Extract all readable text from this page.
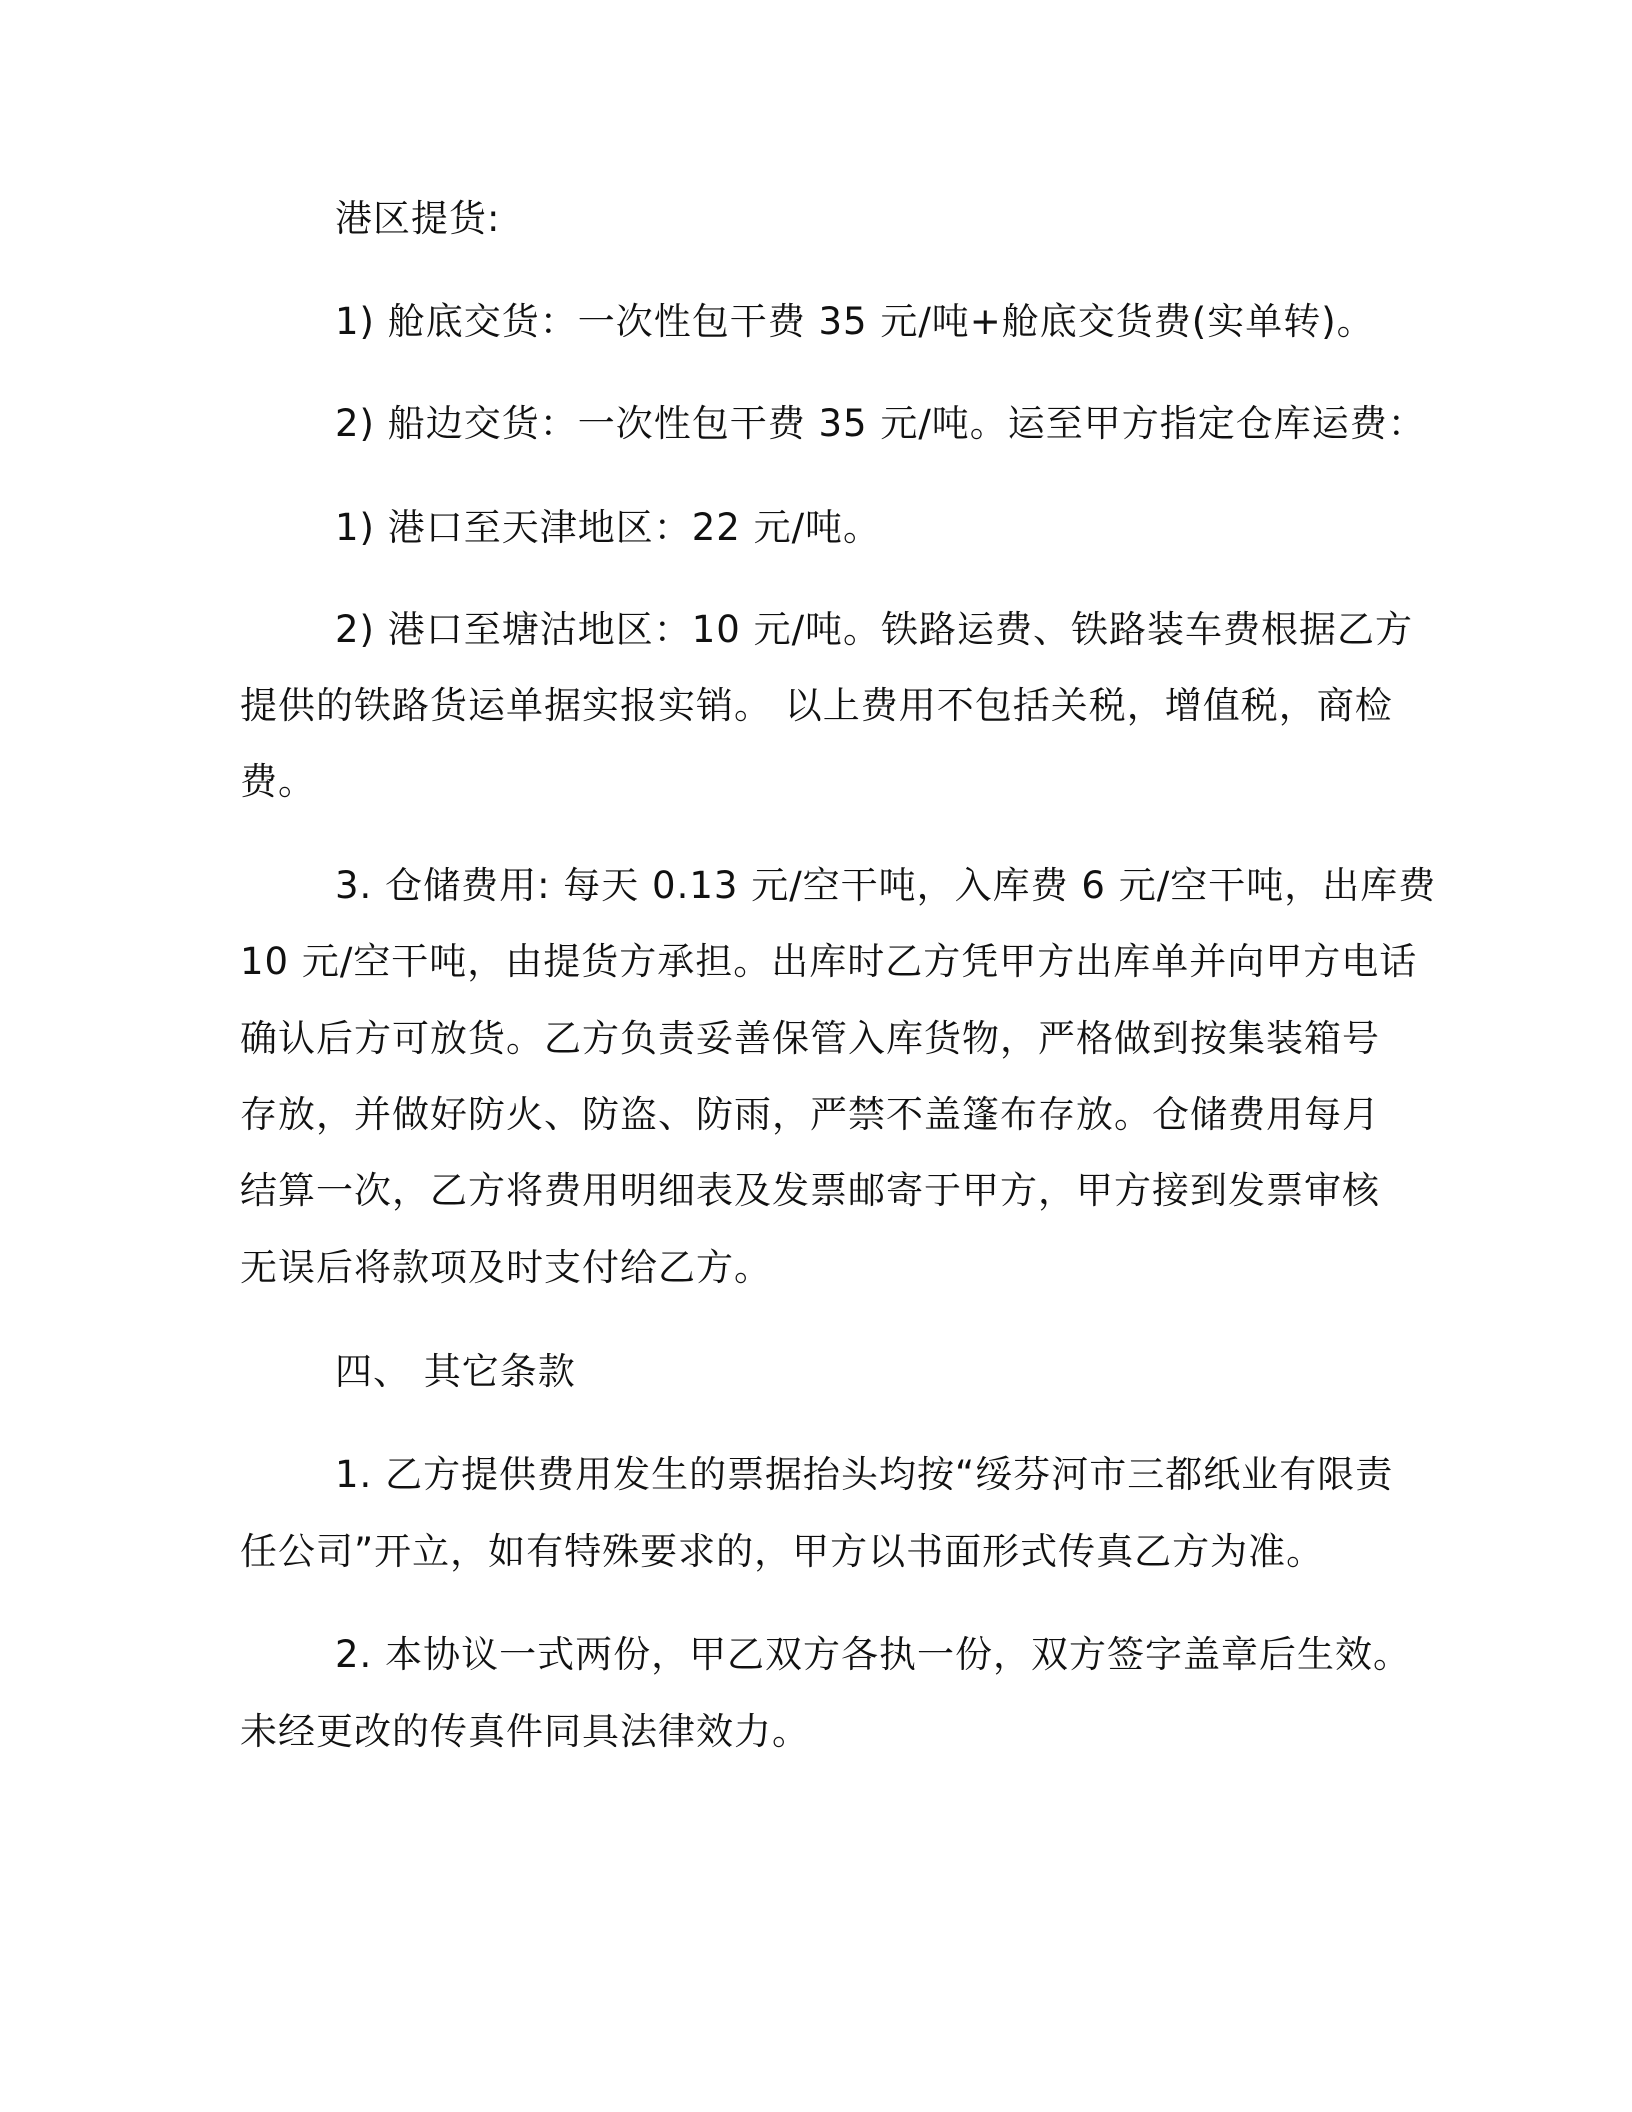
港区提货:
1) 舱底交货：一次性包干费 35 元/吨+舱底交货费(实单转)。
2) 船边交货：一次性包干费 35 元/吨。运至甲方指定仓库运费：
1) 港口至天津地区：22 元/吨。
2) 港口至塘沽地区：10 元/吨。铁路运费、铁路装车费根据乙方
提供的铁路货运单据实报实销。 以上费用不包括关税，增值税，商检
费。
3. 仓储费用: 每天 0.13 元/空干吨，入库费 6 元/空干吨，出库费
10 元/空干吨，由提货方承担。出库时乙方凭甲方出库单并向甲方电话
确认后方可放货。乙方负责妥善保管入库货物，严格做到按集装箱号
存放，并做好防火、防盗、防雨，严禁不盖篷布存放。仓储费用每月
结算一次，乙方将费用明细表及发票邮寄于甲方，甲方接到发票审核
无误后将款项及时支付给乙方。
四、 其它条款
1. 乙方提供费用发生的票据抬头均按“绥芬河市三都纸业有限责
任公司”开立，如有特殊要求的，甲方以书面形式传真乙方为准。
2. 本协议一式两份，甲乙双方各执一份，双方签字盖章后生效。
未经更改的传真件同具法律效力。
